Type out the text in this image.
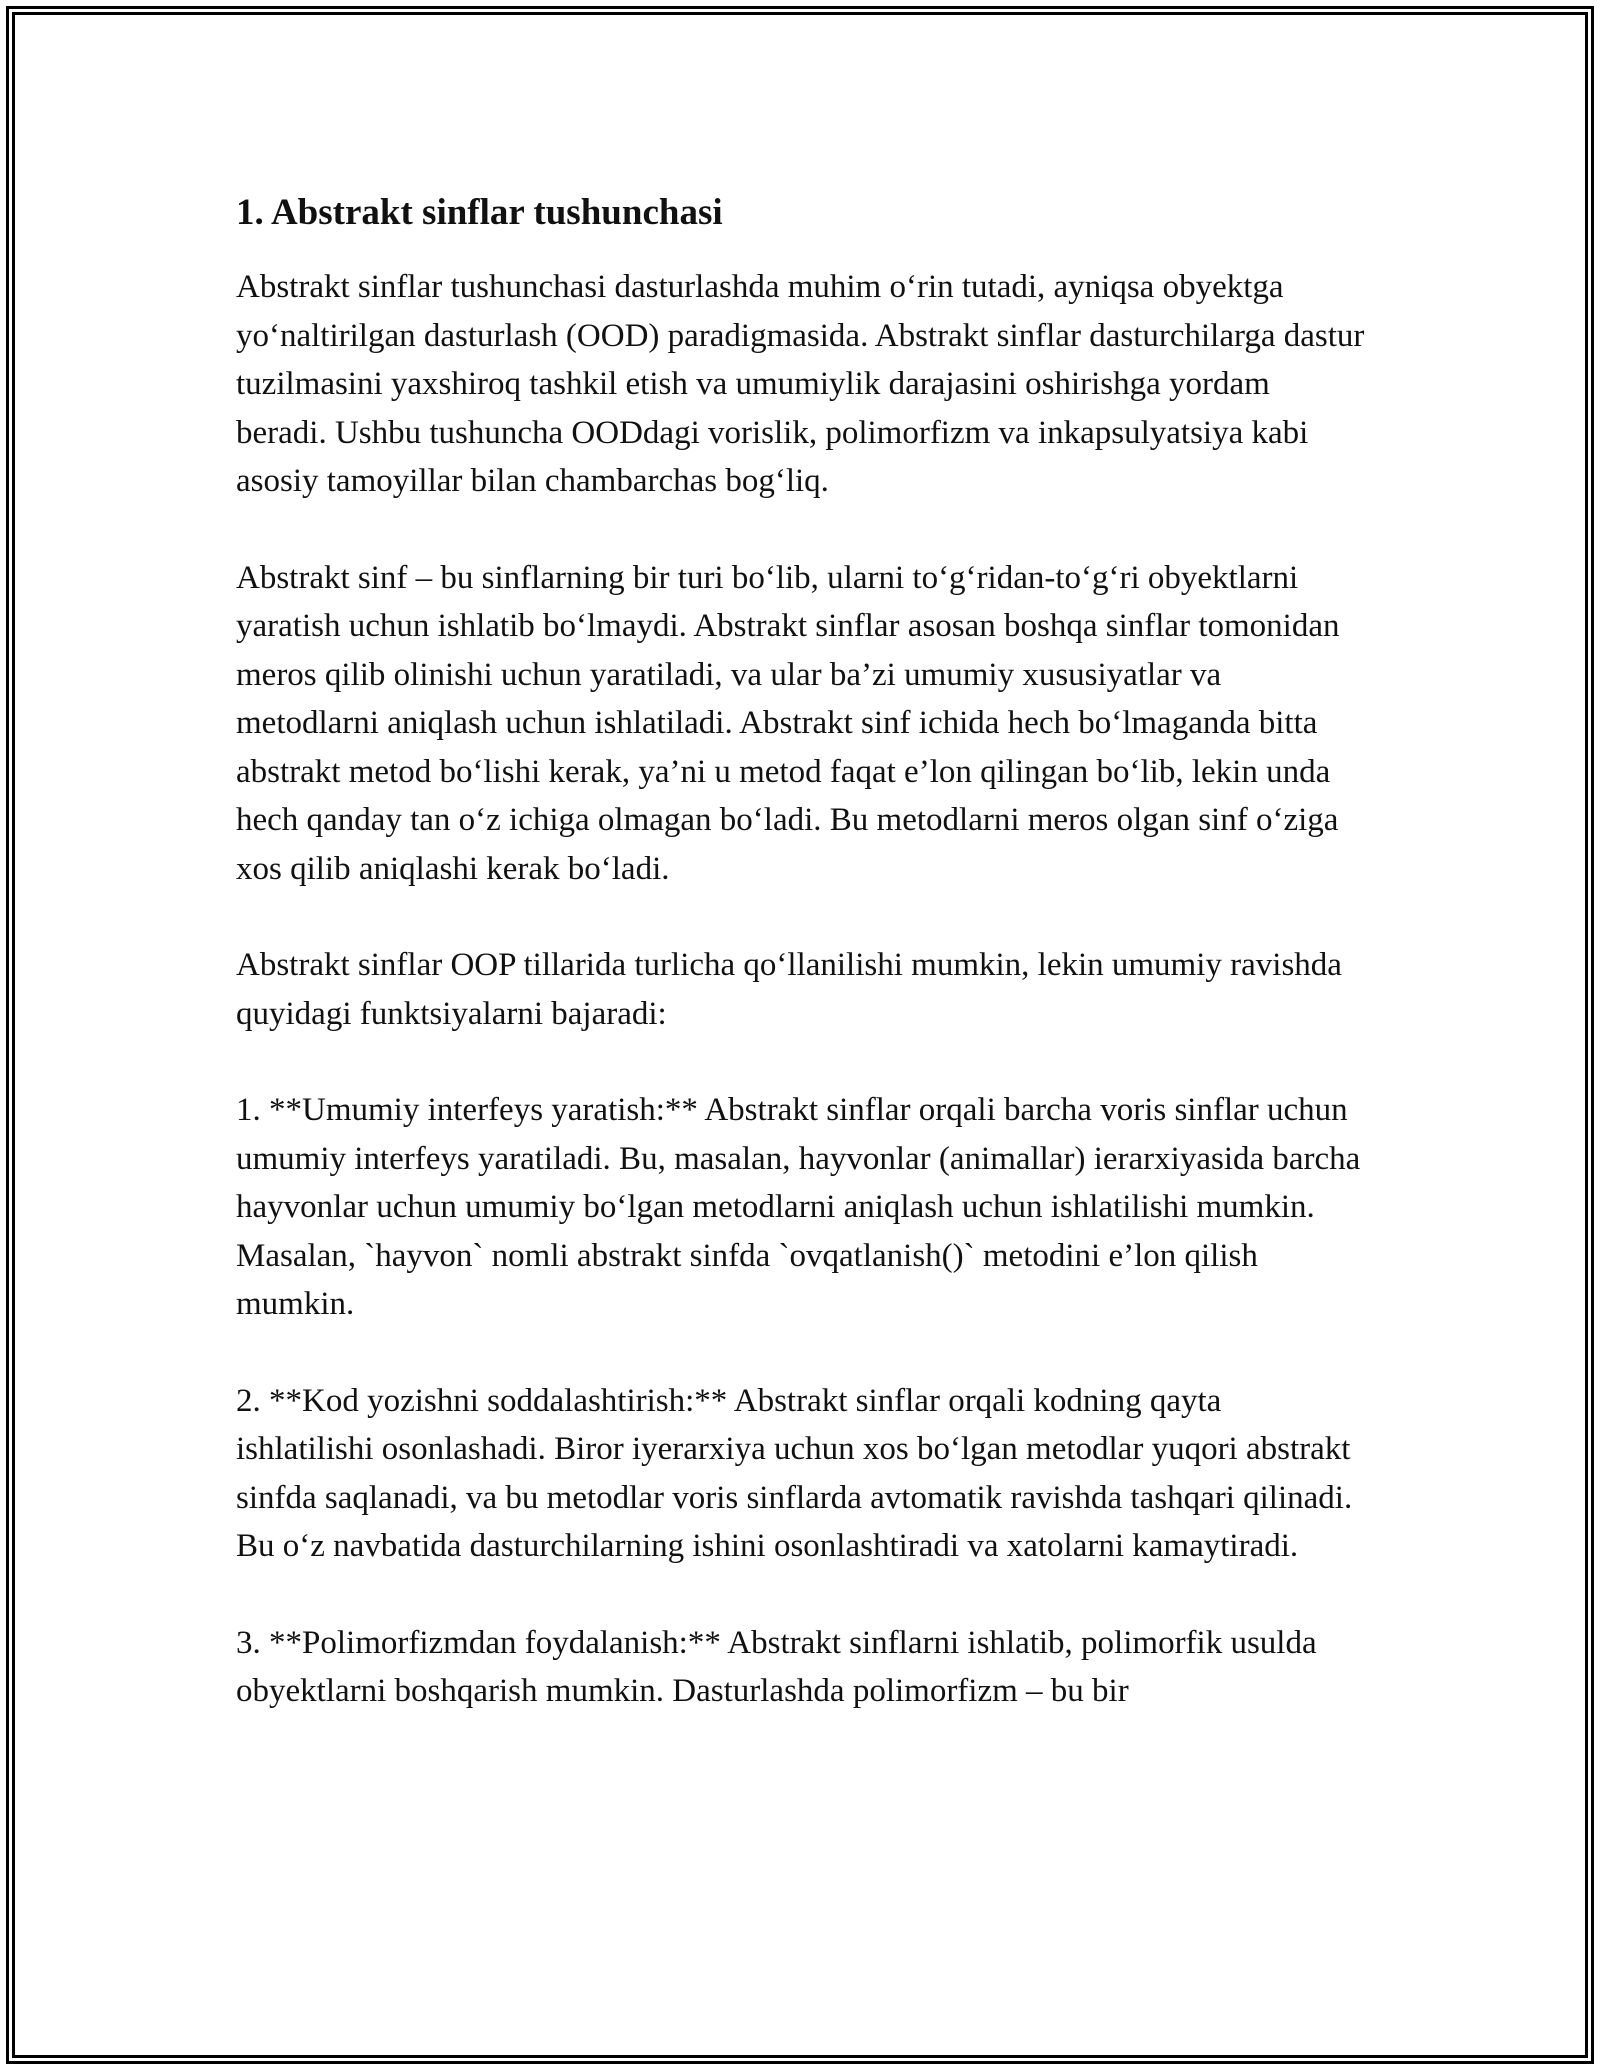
1. Abstrakt sinflar tushunchasi

Abstrakt sinflar tushunchasi dasturlashda muhim o‘rin tutadi, ayniqsa obyektga yo‘naltirilgan dasturlash (OOD) paradigmasida. Abstrakt sinflar dasturchilarga dastur tuzilmasini yaxshiroq tashkil etish va umumiylik darajasini oshirishga yordam beradi. Ushbu tushuncha OODdagi vorislik, polimorfizm va inkapsulyatsiya kabi asosiy tamoyillar bilan chambarchas bog‘liq.

Abstrakt sinf – bu sinflarning bir turi bo‘lib, ularni to‘g‘ridan-to‘g‘ri obyektlarni yaratish uchun ishlatib bo‘lmaydi. Abstrakt sinflar asosan boshqa sinflar tomonidan meros qilib olinishi uchun yaratiladi, va ular ba’zi umumiy xususiyatlar va metodlarni aniqlash uchun ishlatiladi. Abstrakt sinf ichida hech bo‘lmaganda bitta abstrakt metod bo‘lishi kerak, ya’ni u metod faqat e’lon qilingan bo‘lib, lekin unda hech qanday tan o‘z ichiga olmagan bo‘ladi. Bu metodlarni meros olgan sinf o‘ziga xos qilib aniqlashi kerak bo‘ladi.

Abstrakt sinflar OOP tillarida turlicha qo‘llanilishi mumkin, lekin umumiy ravishda quyidagi funktsiyalarni bajaradi:

1. **Umumiy interfeys yaratish:** Abstrakt sinflar orqali barcha voris sinflar uchun umumiy interfeys yaratiladi. Bu, masalan, hayvonlar (animallar) ierarxiyasida barcha hayvonlar uchun umumiy bo‘lgan metodlarni aniqlash uchun ishlatilishi mumkin. Masalan, `hayvon` nomli abstrakt sinfda `ovqatlanish()` metodini e’lon qilish mumkin.

2. **Kod yozishni soddalashtirish:** Abstrakt sinflar orqali kodning qayta ishlatilishi osonlashadi. Biror iyerarxiya uchun xos bo‘lgan metodlar yuqori abstrakt sinfda saqlanadi, va bu metodlar voris sinflarda avtomatik ravishda tashqari qilinadi. Bu o‘z navbatida dasturchilarning ishini osonlashtiradi va xatolarni kamaytiradi.

3. **Polimorfizmdan foydalanish:** Abstrakt sinflarni ishlatib, polimorfik usulda obyektlarni boshqarish mumkin. Dasturlashda polimorfizm – bu bir
